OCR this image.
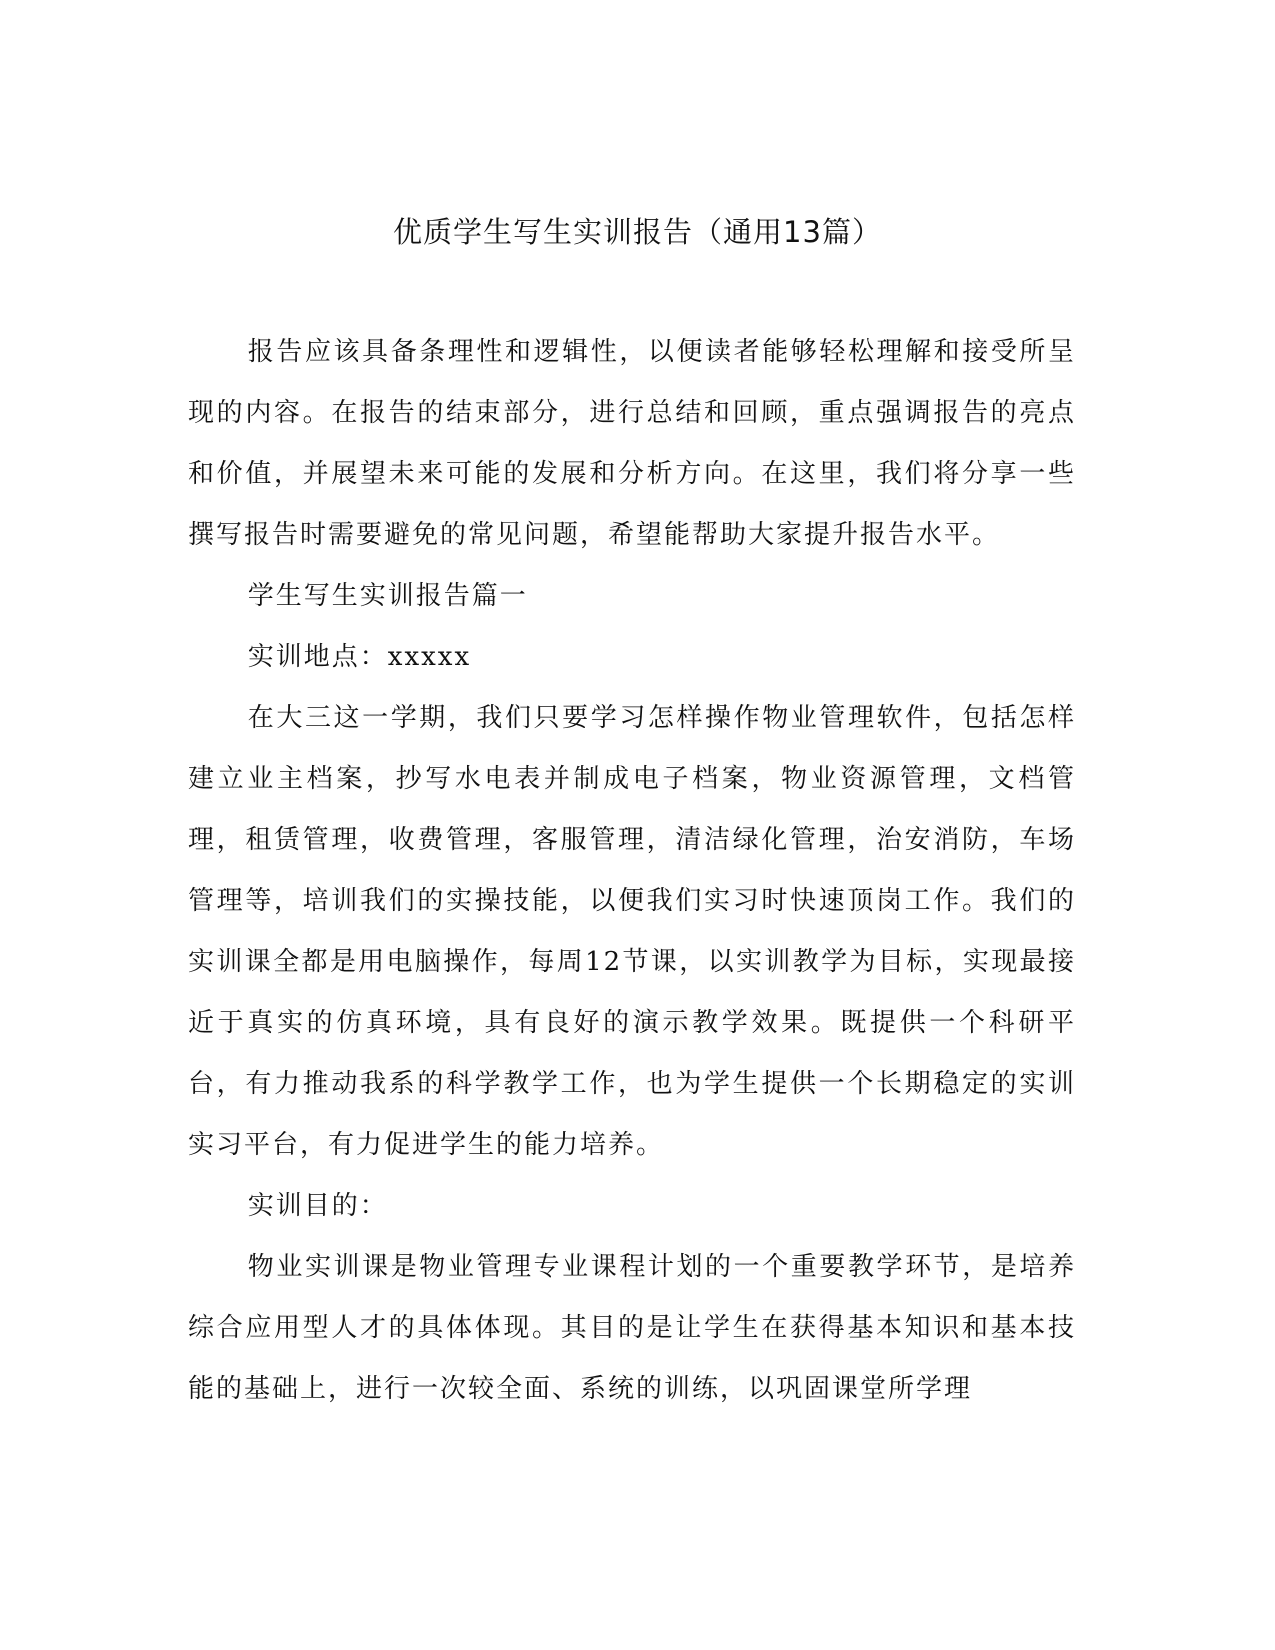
优质学生写生实训报告（通用13篇）

报告应该具备条理性和逻辑性，以便读者能够轻松理解和接受所呈现的内容。在报告的结束部分，进行总结和回顾，重点强调报告的亮点和价值，并展望未来可能的发展和分析方向。在这里，我们将分享一些撰写报告时需要避免的常见问题，希望能帮助大家提升报告水平。

学生写生实训报告篇一

实训地点：xxxxx

在大三这一学期，我们只要学习怎样操作物业管理软件，包括怎样建立业主档案，抄写水电表并制成电子档案，物业资源管理，文档管理，租赁管理，收费管理，客服管理，清洁绿化管理，治安消防，车场管理等，培训我们的实操技能，以便我们实习时快速顶岗工作。我们的实训课全都是用电脑操作，每周12节课，以实训教学为目标，实现最接近于真实的仿真环境，具有良好的演示教学效果。既提供一个科研平台，有力推动我系的科学教学工作，也为学生提供一个长期稳定的实训实习平台，有力促进学生的能力培养。

实训目的：

物业实训课是物业管理专业课程计划的一个重要教学环节，是培养综合应用型人才的具体体现。其目的是让学生在获得基本知识和基本技能的基础上，进行一次较全面、系统的训练，以巩固课堂所学理
